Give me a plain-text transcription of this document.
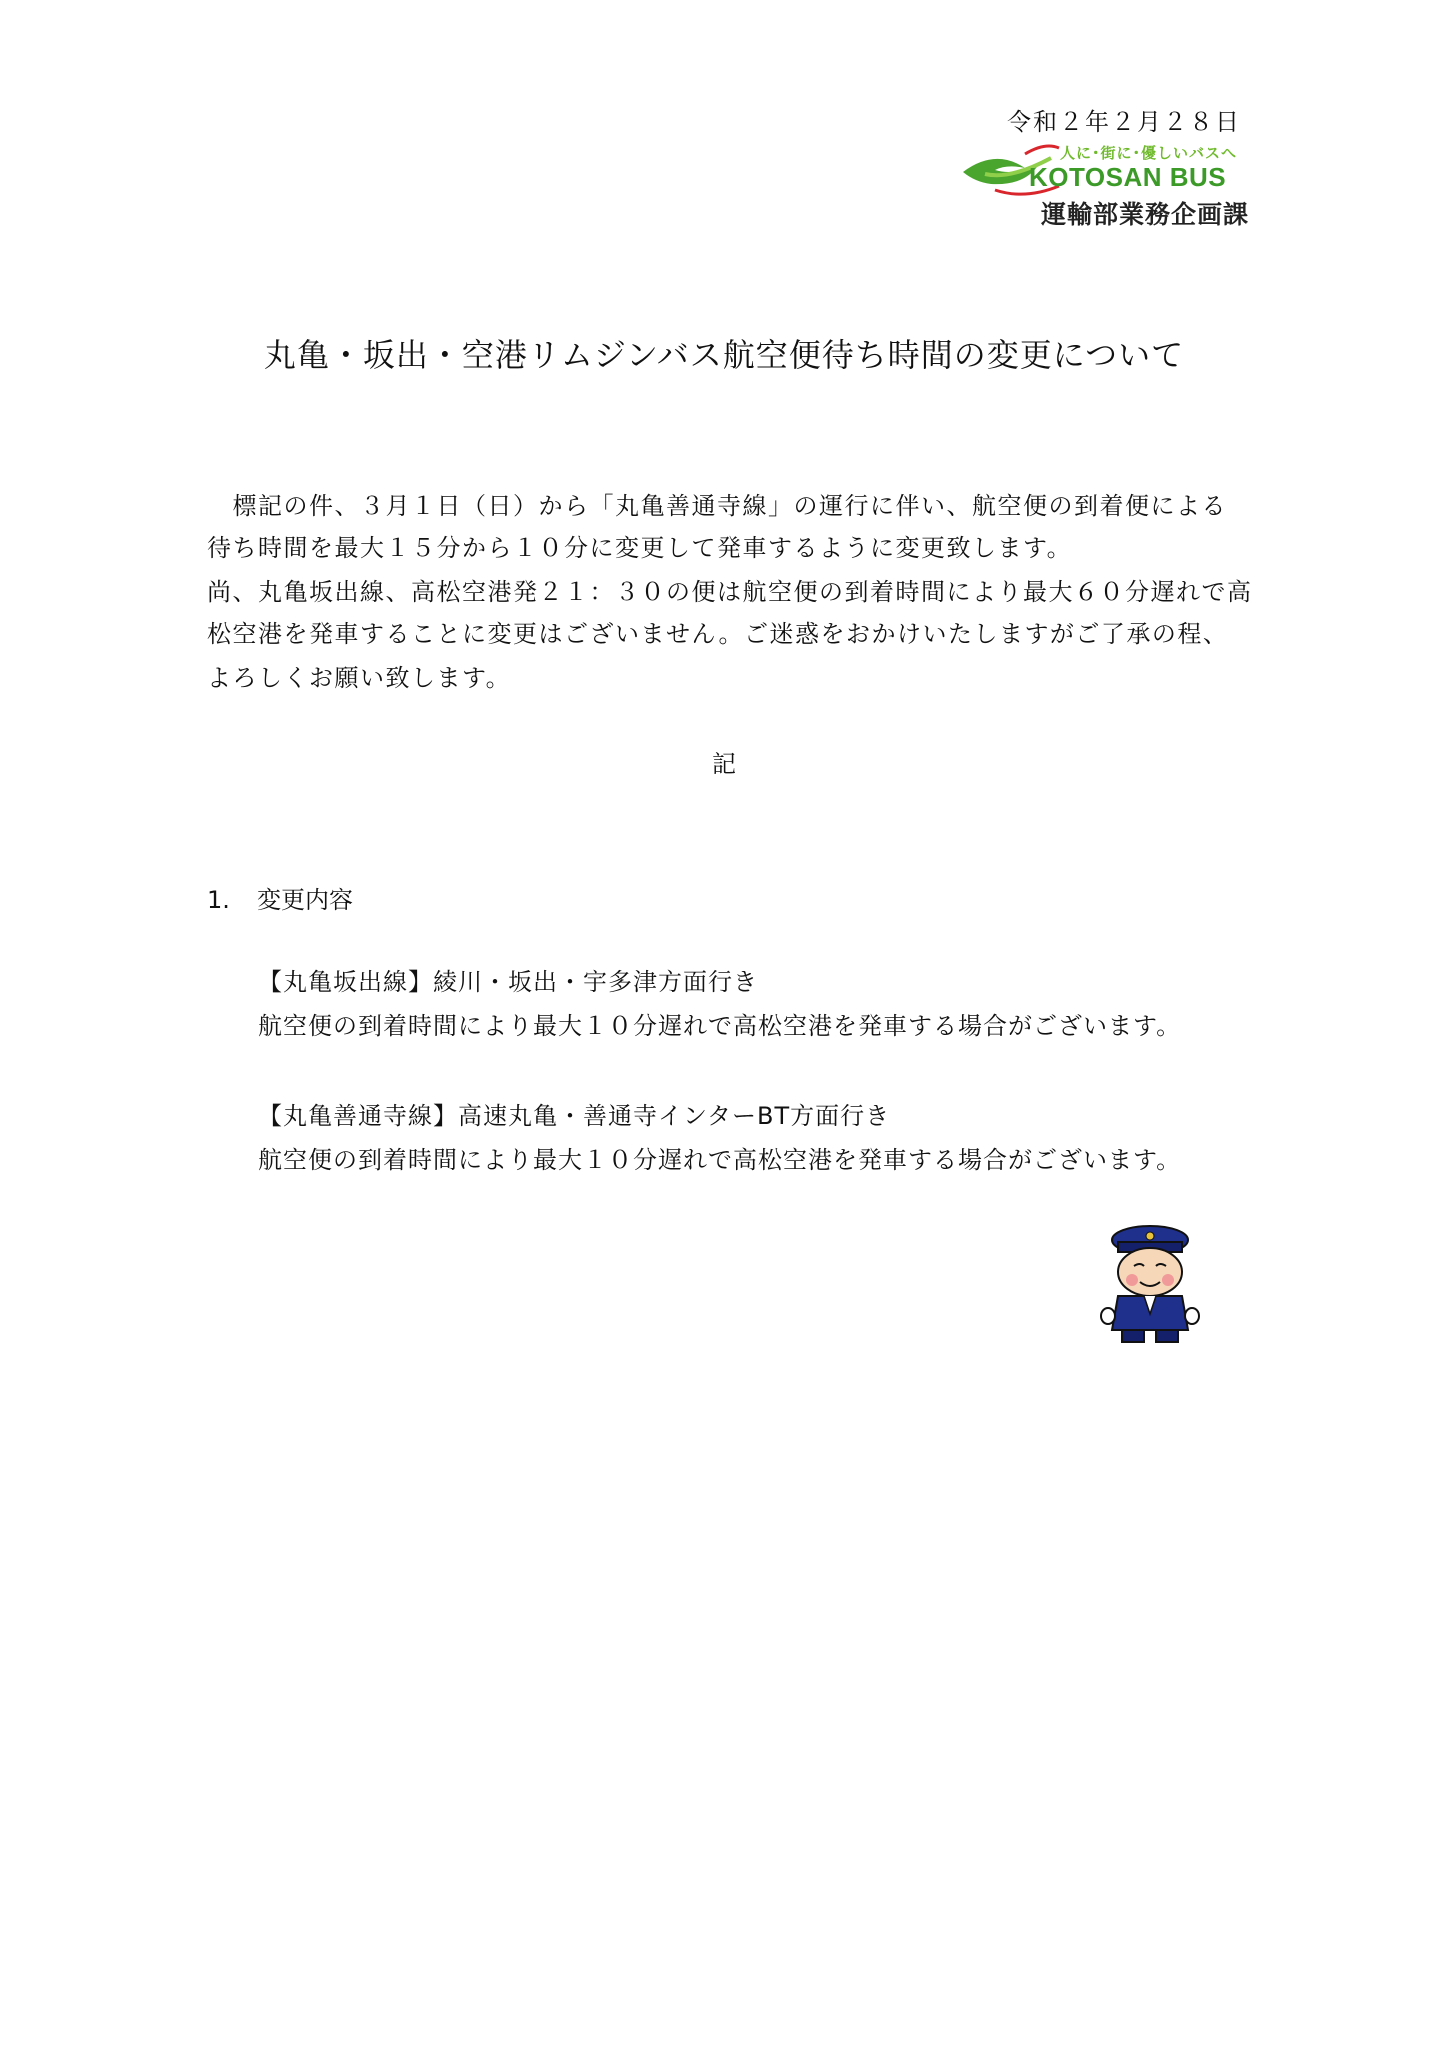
令和２年２月２８日
人に･街に･優しいバスへ
KOTOSAN BUS
運輸部業務企画課
丸亀・坂出・空港リムジンバス航空便待ち時間の変更について
　標記の件、３月１日（日）から「丸亀善通寺線」の運行に伴い、航空便の到着便による
待ち時間を最大１５分から１０分に変更して発車するように変更致します。
尚、丸亀坂出線、高松空港発２１：３０の便は航空便の到着時間により最大６０分遅れで高
松空港を発車することに変更はございません。ご迷惑をおかけいたしますがご了承の程、
よろしくお願い致します。
記
1. 変更内容
【丸亀坂出線】綾川・坂出・宇多津方面行き
航空便の到着時間により最大１０分遅れで高松空港を発車する場合がございます。
【丸亀善通寺線】高速丸亀・善通寺インターBT方面行き
航空便の到着時間により最大１０分遅れで高松空港を発車する場合がございます。
